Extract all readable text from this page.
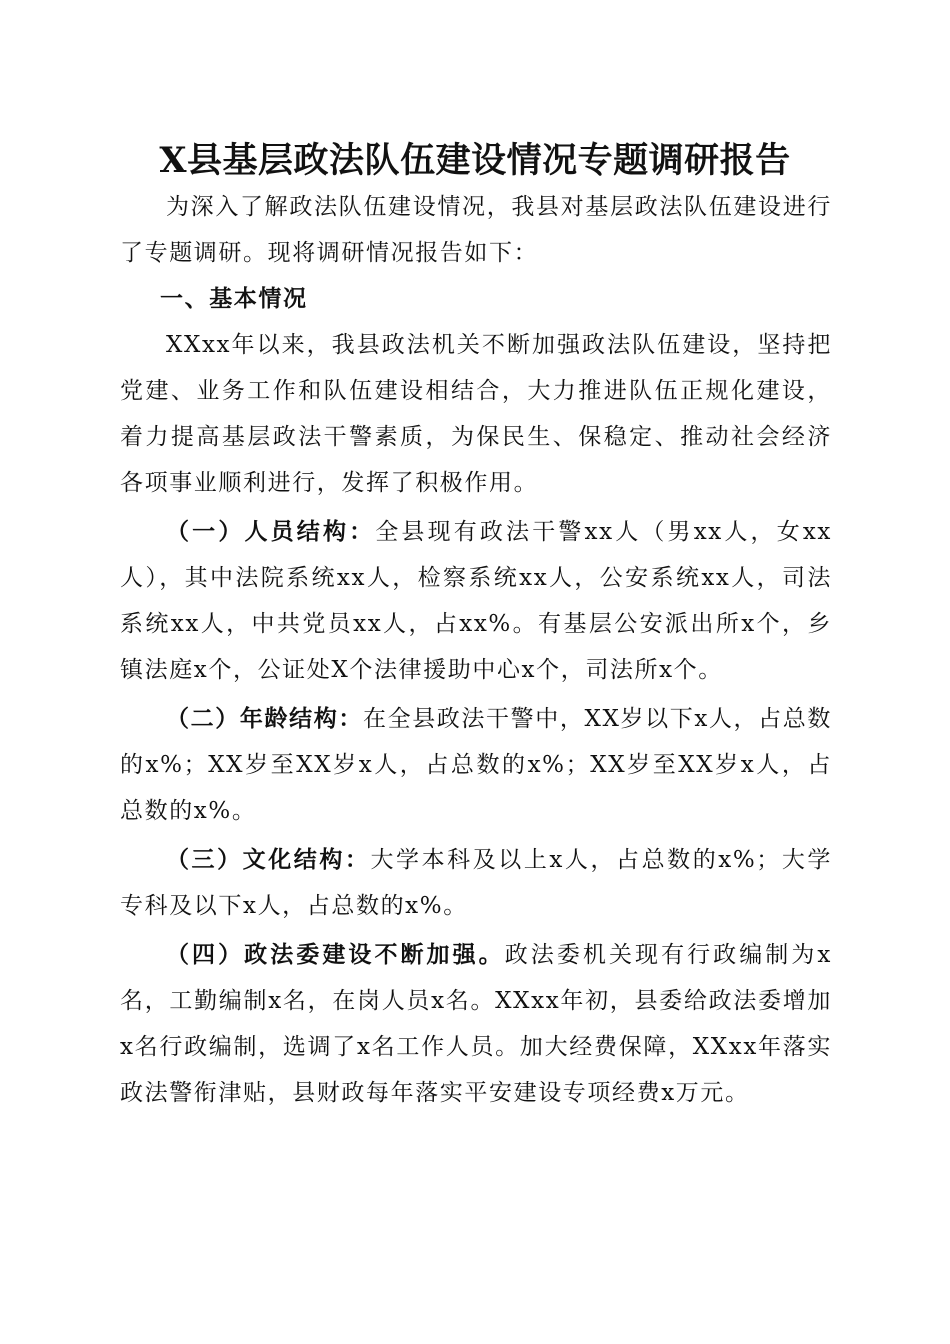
X县基层政法队伍建设情况专题调研报告

为深入了解政法队伍建设情况，我县对基层政法队伍建设进行了专题调研。现将调研情况报告如下：

一、基本情况

XXxx年以来，我县政法机关不断加强政法队伍建设，坚持把党建、业务工作和队伍建设相结合，大力推进队伍正规化建设，着力提高基层政法干警素质，为保民生、保稳定、推动社会经济各项事业顺利进行，发挥了积极作用。

（一）人员结构：全县现有政法干警xx人（男xx人，女xx人），其中法院系统xx人，检察系统xx人，公安系统xx人，司法系统xx人，中共党员xx人，占xx%。有基层公安派出所x个，乡镇法庭x个，公证处X个法律援助中心x个，司法所x个。

（二）年龄结构：在全县政法干警中，XX岁以下x人，占总数的x%；XX岁至XX岁x人，占总数的x%；XX岁至XX岁x人，占总数的x%。

（三）文化结构：大学本科及以上x人，占总数的x%；大学专科及以下x人，占总数的x%。

（四）政法委建设不断加强。政法委机关现有行政编制为x名，工勤编制x名，在岗人员x名。XXxx年初，县委给政法委增加x名行政编制，选调了x名工作人员。加大经费保障，XXxx年落实政法警衔津贴，县财政每年落实平安建设专项经费x万元。
